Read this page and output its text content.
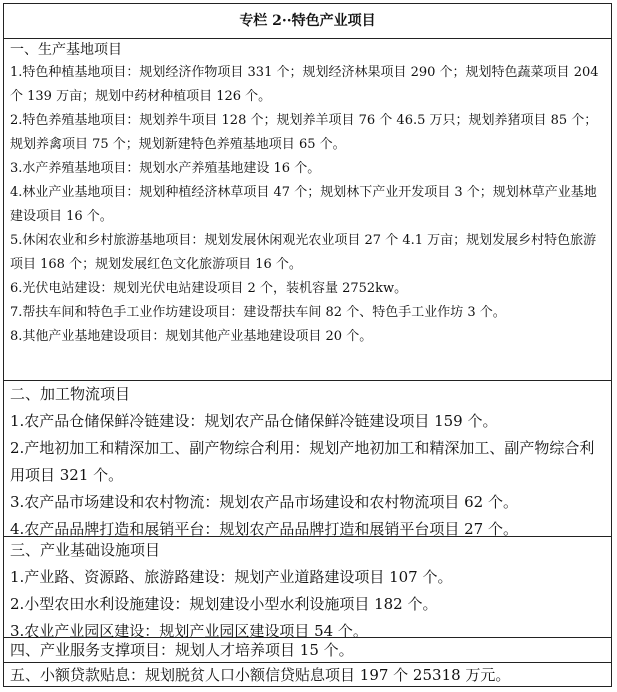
专栏 2··特色产业项目
一、生产基地项目
1.特色种植基地项目：规划经济作物项目 331 个；规划经济林果项目 290 个；规划特色蔬菜项目 204 个 139 万亩；规划中药材种植项目 126 个。
2.特色养殖基地项目：规划养牛项目 128 个；规划养羊项目 76 个 46.5 万只；规划养猪项目 85 个；规划养禽项目 75 个；规划新建特色养殖基地项目 65 个。
3.水产养殖基地项目：规划水产养殖基地建设 16 个。
4.林业产业基地项目：规划种植经济林草项目 47 个；规划林下产业开发项目 3 个；规划林草产业基地建设项目 16 个。
5.休闲农业和乡村旅游基地项目：规划发展休闲观光农业项目 27 个 4.1 万亩；规划发展乡村特色旅游项目 168 个；规划发展红色文化旅游项目 16 个。
6.光伏电站建设：规划光伏电站建设项目 2 个，装机容量 2752kw。
7.帮扶车间和特色手工业作坊建设项目：建设帮扶车间 82 个、特色手工业作坊 3 个。
8.其他产业基地建设项目：规划其他产业基地建设项目 20 个。
二、加工物流项目
1.农产品仓储保鲜冷链建设：规划农产品仓储保鲜冷链建设项目 159 个。
2.产地初加工和精深加工、副产物综合利用：规划产地初加工和精深加工、副产物综合利用项目 321 个。
3.农产品市场建设和农村物流：规划农产品市场建设和农村物流项目 62 个。
4.农产品品牌打造和展销平台：规划农产品品牌打造和展销平台项目 27 个。
三、产业基础设施项目
1.产业路、资源路、旅游路建设：规划产业道路建设项目 107 个。
2.小型农田水利设施建设：规划建设小型水利设施项目 182 个。
3.农业产业园区建设：规划产业园区建设项目 54 个。
四、产业服务支撑项目：规划人才培养项目 15 个。
五、小额贷款贴息：规划脱贫人口小额信贷贴息项目 197 个 25318 万元。
